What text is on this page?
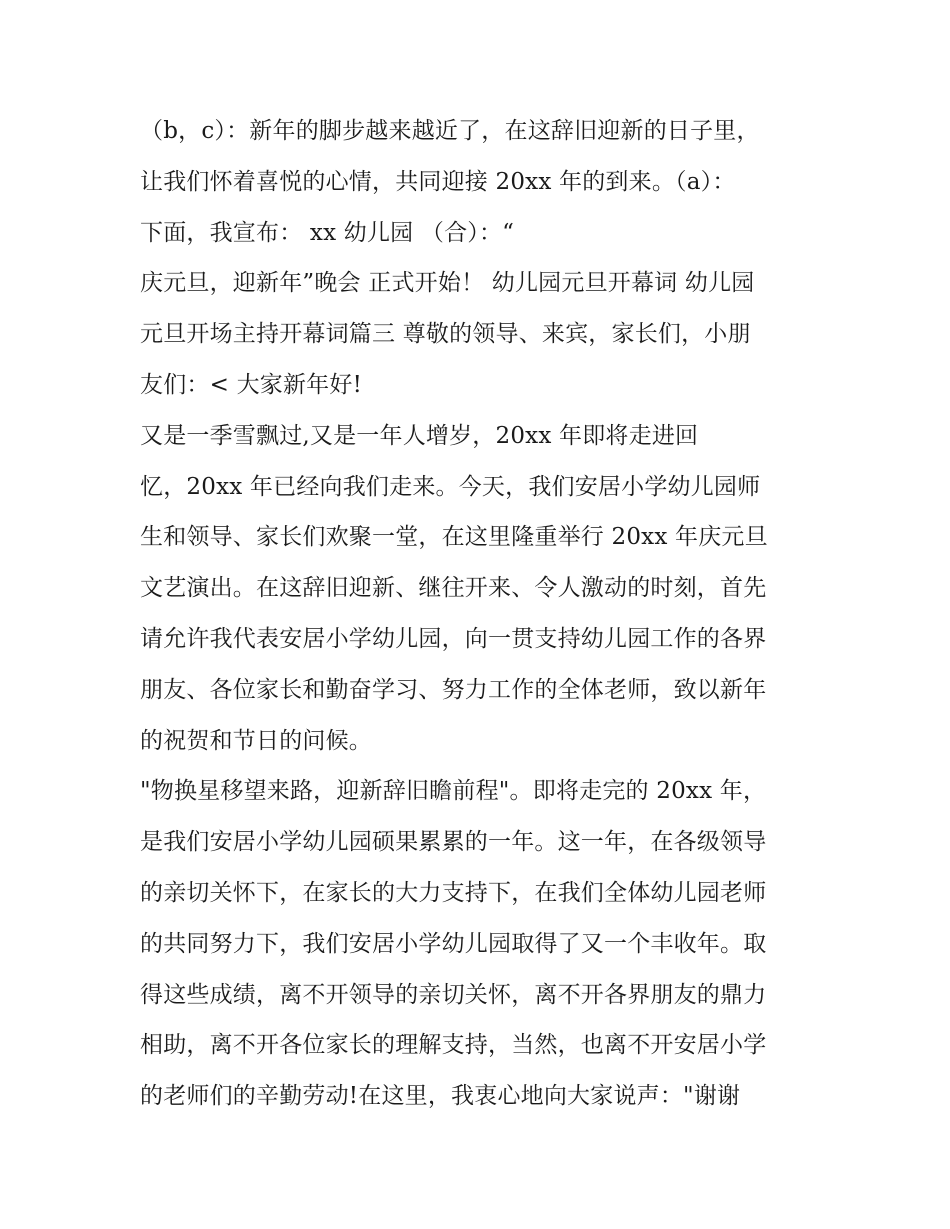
（b，c）：新年的脚步越来越近了，在这辞旧迎新的日子里，
让我们怀着喜悦的心情，共同迎接 20xx 年的到来。（a）：
下面，我宣布： xx 幼儿园 （合）：“
庆元旦，迎新年”晚会 正式开始！ 幼儿园元旦开幕词 幼儿园
元旦开场主持开幕词篇三 尊敬的领导、来宾，家长们，小朋
友们：< 大家新年好!
又是一季雪飘过,又是一年人增岁，20xx 年即将走进回
忆，20xx 年已经向我们走来。今天，我们安居小学幼儿园师
生和领导、家长们欢聚一堂，在这里隆重举行 20xx 年庆元旦
文艺演出。在这辞旧迎新、继往开来、令人激动的时刻，首先
请允许我代表安居小学幼儿园，向一贯支持幼儿园工作的各界
朋友、各位家长和勤奋学习、努力工作的全体老师，致以新年
的祝贺和节日的问候。
"物换星移望来路，迎新辞旧瞻前程"。即将走完的 20xx 年，
是我们安居小学幼儿园硕果累累的一年。这一年，在各级领导
的亲切关怀下，在家长的大力支持下，在我们全体幼儿园老师
的共同努力下，我们安居小学幼儿园取得了又一个丰收年。取
得这些成绩，离不开领导的亲切关怀，离不开各界朋友的鼎力
相助，离不开各位家长的理解支持，当然，也离不开安居小学
的老师们的辛勤劳动!在这里，我衷心地向大家说声："谢谢
